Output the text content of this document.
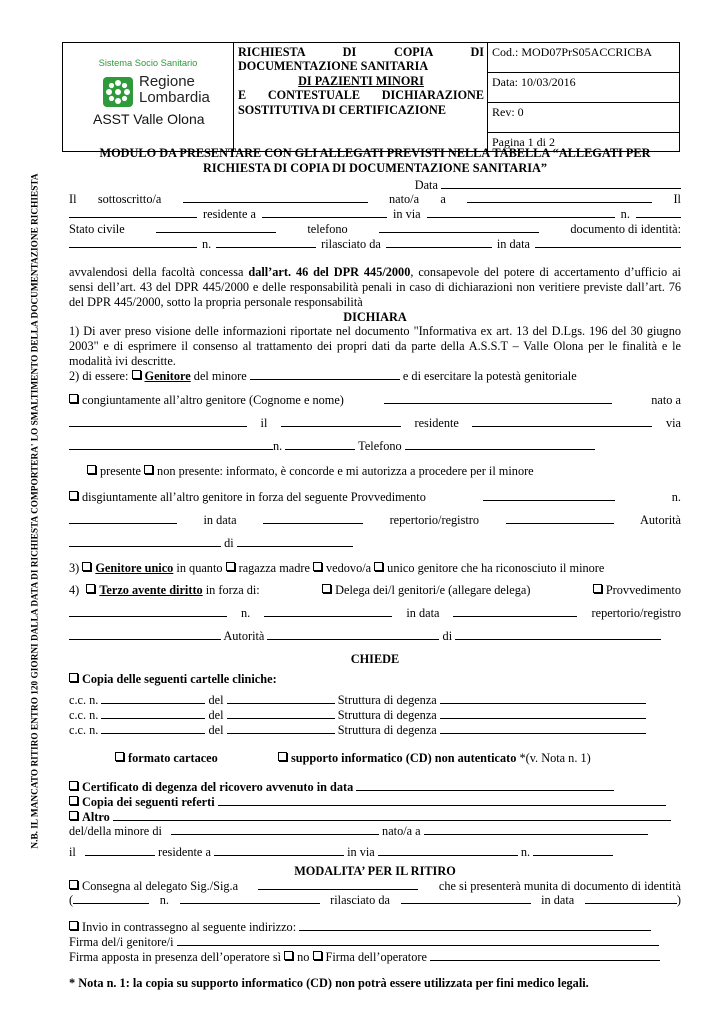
N.B. IL MANCATO RITIRO ENTRO 120 GIORNI DALLA DATA DI RICHIESTA COMPORTERA' LO SMALTIMENTO DELLA DOCUMENTAZIONE RICHIESTA
Sistema Socio Sanitario
Regione
Lombardia
ASST Valle Olona
	RICHIESTA DI COPIA DI DOCUMENTAZIONE SANITARIA
DI PAZIENTI MINORI
E CONTESTUALE DICHIARAZIONE SOSTITUTIVA DI CERTIFICAZIONE	Cod.: MOD07PrS05ACCRICBA
Data: 10/03/2016
Rev: 0
Pagina 1 di 2

MODULO DA PRESENTARE CON GLI ALLEGATI PREVISTI NELLA TABELLA “ALLEGATI PER RICHIESTA DI COPIA DI DOCUMENTAZIONE SANITARIA”

Data
Il sottoscritto/a	nato/a a	Il
residente a	in via	n.
Stato civile	telefono	documento di identità:
n.	rilasciato da	in data

avvalendosi della facoltà concessa dall’art. 46 del DPR 445/2000, consapevole del potere di accertamento d’ufficio ai sensi dell’art. 43 del DPR 445/2000 e delle responsabilità penali in caso di dichiarazioni non veritiere previste dall’art. 76 del DPR 445/2000, sotto la propria personale responsabilità

DICHIARA

1) Di aver preso visione delle informazioni riportate nel documento "Informativa ex art. 13 del D.Lgs. 196 del 30 giugno 2003" e di esprimere il consenso al trattamento dei propri dati da parte della A.S.S.T – Valle Olona per le finalità e le modalità ivi descritte.

2) di essere: Genitore del minore	e di esercitare la potestà genitoriale
congiuntamente all’altro genitore (Cognome e nome)	nato a
il	residente	via
n.	Telefono
presente non presente: informato, è concorde e mi autorizza a procedere per il minore
disgiuntamente all’altro genitore in forza del seguente Provvedimento	n.
in data	repertorio/registro	Autorità
di
3) Genitore unico in quanto ragazza madre vedovo/a unico genitore che ha riconosciuto il minore
4) Terzo avente diritto in forza di:	Delega dei/l genitori/e (allegare delega)	Provvedimento
n.	in data	repertorio/registro
Autorità	di

CHIEDE

Copia delle seguenti cartelle cliniche:

c.c. n.	del	Struttura di degenza
c.c. n.	del	Struttura di degenza
c.c. n.	del	Struttura di degenza
formato cartaceo	supporto informatico (CD) non autenticato *(v. Nota n. 1)
Certificato di degenza del ricovero avvenuto in data
Copia dei seguenti referti
Altro
del/della minore di	nato/a a
il	residente a	in via	n.

MODALITA’ PER IL RITIRO

Consegna al delegato Sig./Sig.a	che si presenterà munita di documento di identità
(	n.	rilasciato da	in data	)
Invio in contrassegno al seguente indirizzo:
Firma del/i genitore/i
Firma apposta in presenza dell’operatore sì no Firma dell’operatore

* Nota n. 1: la copia su supporto informatico (CD) non potrà essere utilizzata per fini medico legali.
